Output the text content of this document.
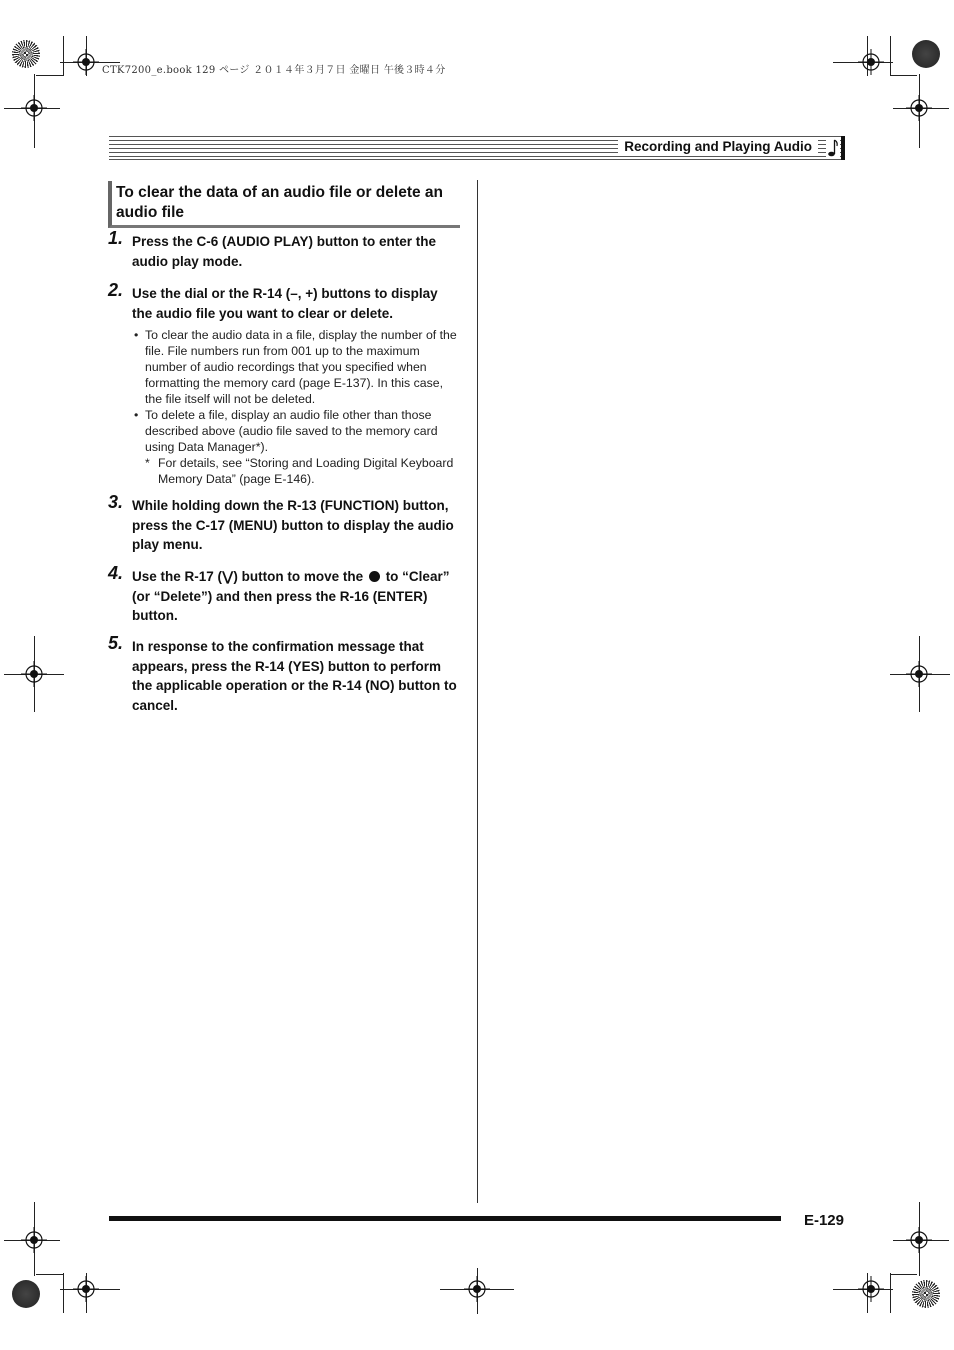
CTK7200_e.book 129 ページ ２０１４年３月７日 金曜日 午後３時４分
Recording and Playing Audio
To clear the data of an audio file or delete an audio file
1. Press the C-6 (AUDIO PLAY) button to enter the audio play mode.
2. Use the dial or the R-14 (–, +) buttons to display the audio file you want to clear or delete.
• To clear the audio data in a file, display the number of the file. File numbers run from 001 up to the maximum number of audio recordings that you specified when formatting the memory card (page E-137). In this case, the file itself will not be deleted.
• To delete a file, display an audio file other than those described above (audio file saved to the memory card using Data Manager*).
* For details, see “Storing and Loading Digital Keyboard Memory Data” (page E-146).
3. While holding down the R-13 (FUNCTION) button, press the C-17 (MENU) button to display the audio play menu.
4. Use the R-17 (⋁) button to move the to “Clear” (or “Delete”) and then press the R-16 (ENTER) button.
5. In response to the confirmation message that appears, press the R-14 (YES) button to perform the applicable operation or the R-14 (NO) button to cancel.
E-129
